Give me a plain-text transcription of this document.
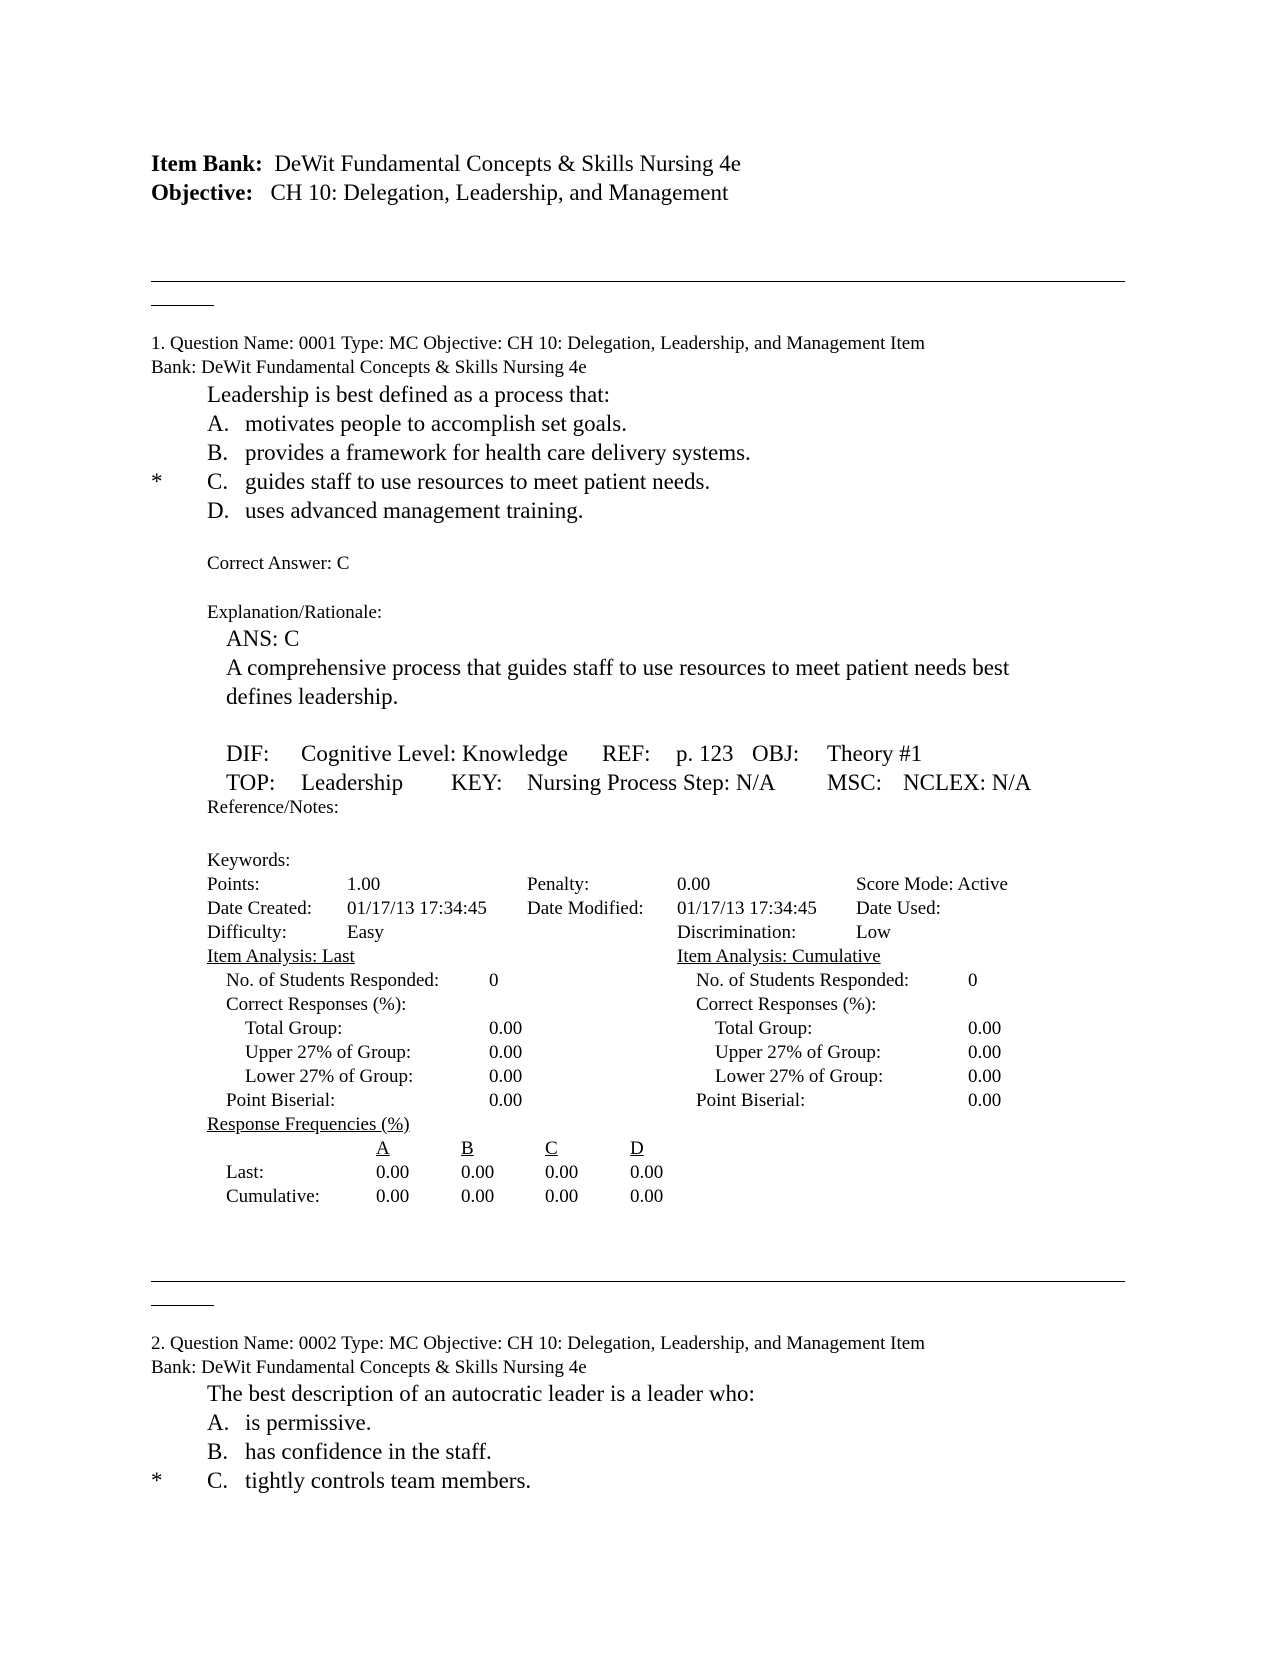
Item Bank: DeWit Fundamental Concepts & Skills Nursing 4e
Objective: CH 10: Delegation, Leadership, and Management
1. Question Name: 0001 Type: MC Objective: CH 10: Delegation, Leadership, and Management Item
Bank: DeWit Fundamental Concepts & Skills Nursing 4e
Leadership is best defined as a process that:
A. motivates people to accomplish set goals.
B. provides a framework for health care delivery systems.
* C. guides staff to use resources to meet patient needs.
D. uses advanced management training.
Correct Answer: C
Explanation/Rationale:
ANS: C
A comprehensive process that guides staff to use resources to meet patient needs best
defines leadership.
DIF: Cognitive Level: Knowledge REF: p. 123 OBJ: Theory #1
TOP: Leadership KEY: Nursing Process Step: N/A MSC: NCLEX: N/A
Reference/Notes:
Keywords:
Points:	1.00	Penalty:	0.00	Score Mode: Active
Date Created: 01/17/13 17:34:45 Date Modified: 01/17/13 17:34:45 Date Used:
Difficulty:	Easy	Discrimination:	Low
Item Analysis: Last
No. of Students Responded:	0
Correct Responses (%):
Total Group:	0.00
Upper 27% of Group:	0.00
Lower 27% of Group:	0.00
Point Biserial:	0.00
Item Analysis: Cumulative
No. of Students Responded:	0
Correct Responses (%):
Total Group:	0.00
Upper 27% of Group:	0.00
Lower 27% of Group:	0.00
Point Biserial:	0.00
Response Frequencies (%)
A	B	C	D
Last:	0.00	0.00	0.00	0.00
Cumulative:	0.00	0.00	0.00	0.00
2. Question Name: 0002 Type: MC Objective: CH 10: Delegation, Leadership, and Management Item
Bank: DeWit Fundamental Concepts & Skills Nursing 4e
The best description of an autocratic leader is a leader who:
A. is permissive.
B. has confidence in the staff.
* C. tightly controls team members.
